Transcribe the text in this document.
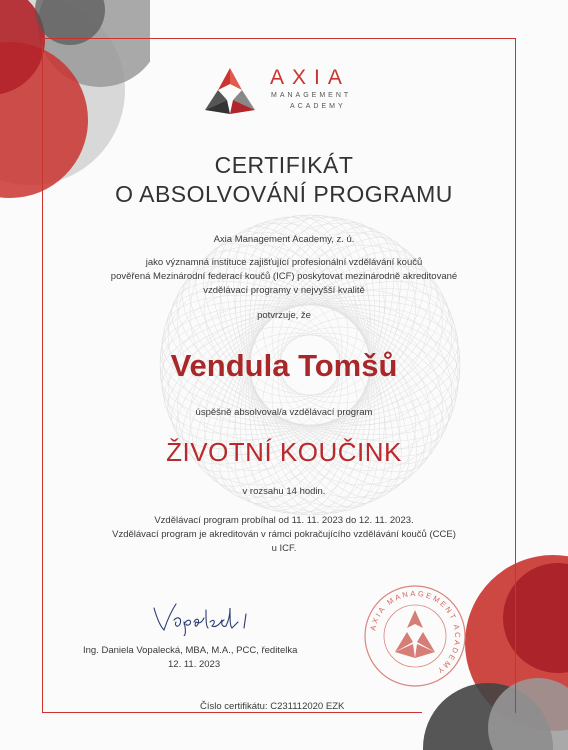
AXIA
MANAGEMENT
ACADEMY
CERTIFIKÁT
O ABSOLVOVÁNÍ PROGRAMU
Axia Management Academy, z. ú.
jako významná instituce zajišťující profesionální vzdělávání koučů
pověřená Mezinárodní federací koučů (ICF) poskytovat mezinárodně akreditované
vzdělávací programy v nejvyšší kvalitě
potvrzuje, že
Vendula Tomšů
úspěšně absolvoval/a vzdělávací program
ŽIVOTNÍ KOUČINK
v rozsahu 14 hodin.
Vzdělávací program probíhal od 11. 11. 2023 do 12. 11. 2023.
Vzdělávací program je akreditován v rámci pokračujícího vzdělávání koučů (CCE)
u ICF.
Ing. Daniela Vopalecká, MBA, M.A., PCC, ředitelka
12. 11. 2023
AXIA MANAGEMENT ACADEMY
Číslo certifikátu: C231112020 EZK
